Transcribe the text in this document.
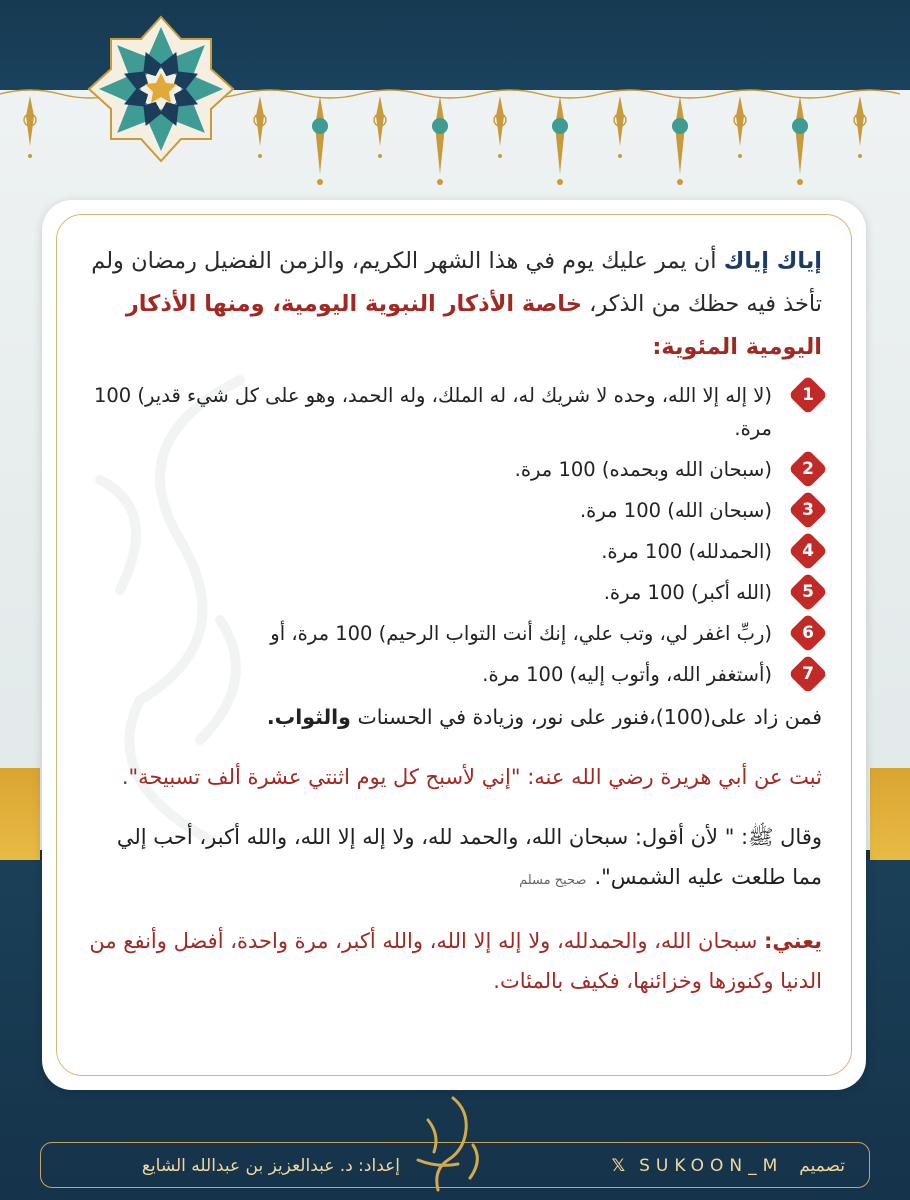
إياك إياك أن يمر عليك يوم في هذا الشهر الكريم، والزمن الفضيل رمضان ولم تأخذ فيه حظك من الذكر، خاصة الأذكار النبوية اليومية، ومنها الأذكار اليومية المئوية:
1
(لا إله إلا الله، وحده لا شريك له، له الملك، وله الحمد، وهو على كل شيء قدير) 100 مرة.
2
(سبحان الله وبحمده) 100 مرة.
3
(سبحان الله) 100 مرة.
4
(الحمدلله) 100 مرة.
5
(الله أكبر) 100 مرة.
6
(ربِّ اغفر لي، وتب علي، إنك أنت التواب الرحيم) 100 مرة، أو
7
(أستغفر الله، وأتوب إليه) 100 مرة.
فمن زاد على(100)،فنور على نور، وزيادة في الحسنات والثواب.
ثبت عن أبي هريرة رضي الله عنه: "إني لأسبح كل يوم اثنتي عشرة ألف تسبيحة".
وقال ﷺ: " لأن أقول: سبحان الله، والحمد لله، ولا إله إلا الله، والله أكبر، أحب إلي مما طلعت عليه الشمس".صحيح مسلم
يعني: سبحان الله، والحمدلله، ولا إله إلا الله، والله أكبر، مرة واحدة، أفضل وأنفع من الدنيا وكنوزها وخزائنها، فكيف بالمئات.
إعداد: د. عبدالعزيز بن عبدالله الشايع	تصميم
SUKOON_M
𝕏
